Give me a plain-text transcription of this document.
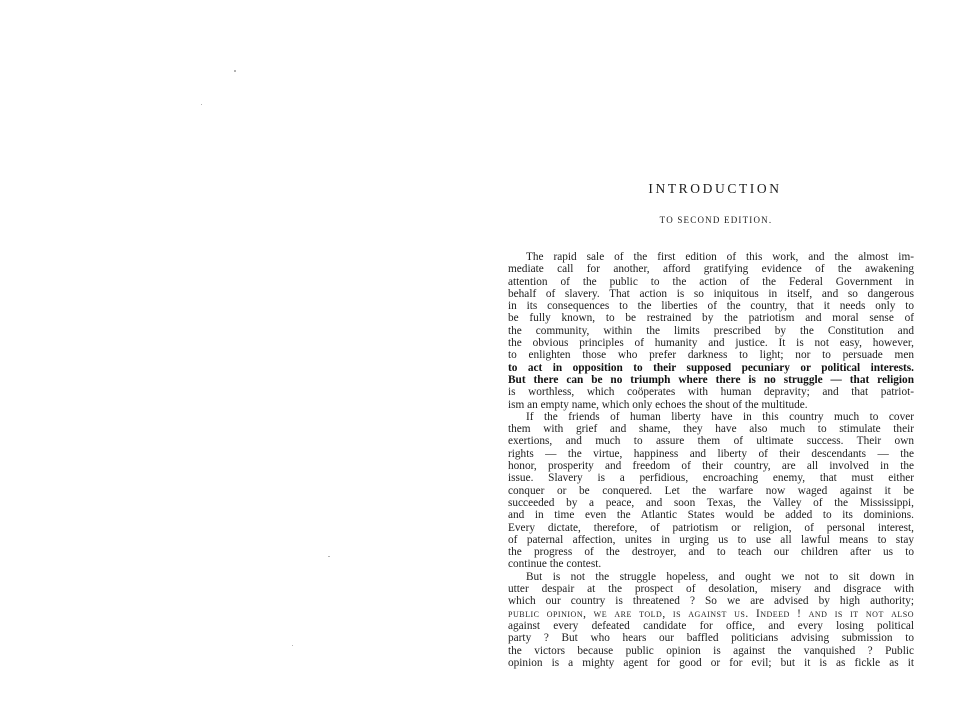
INTRODUCTION
TO SECOND EDITION.
The rapid sale of the first edition of this work, and the almost im-
mediate call for another, afford gratifying evidence of the awakening
attention of the public to the action of the Federal Government in
behalf of slavery. That action is so iniquitous in itself, and so dangerous
in its consequences to the liberties of the country, that it needs only to
be fully known, to be restrained by the patriotism and moral sense of
the community, within the limits prescribed by the Constitution and
the obvious principles of humanity and justice. It is not easy, however,
to enlighten those who prefer darkness to light; nor to persuade men
to act in opposition to their supposed pecuniary or political interests.
But there can be no triumph where there is no struggle — that religion
is worthless, which coöperates with human depravity; and that patriot-
ism an empty name, which only echoes the shout of the multitude.
If the friends of human liberty have in this country much to cover
them with grief and shame, they have also much to stimulate their
exertions, and much to assure them of ultimate success. Their own
rights — the virtue, happiness and liberty of their descendants — the
honor, prosperity and freedom of their country, are all involved in the
issue. Slavery is a perfidious, encroaching enemy, that must either
conquer or be conquered. Let the warfare now waged against it be
succeeded by a peace, and soon Texas, the Valley of the Mississippi,
and in time even the Atlantic States would be added to its dominions.
Every dictate, therefore, of patriotism or religion, of personal interest,
of paternal affection, unites in urging us to use all lawful means to stay
the progress of the destroyer, and to teach our children after us to
continue the contest.
But is not the struggle hopeless, and ought we not to sit down in
utter despair at the prospect of desolation, misery and disgrace with
which our country is threatened ? So we are advised by high authority;
public opinion, we are told, is against us. Indeed ! and is it not also
against every defeated candidate for office, and every losing political
party ? But who hears our baffled politicians advising submission to
the victors because public opinion is against the vanquished ? Public
opinion is a mighty agent for good or for evil; but it is as fickle as it
